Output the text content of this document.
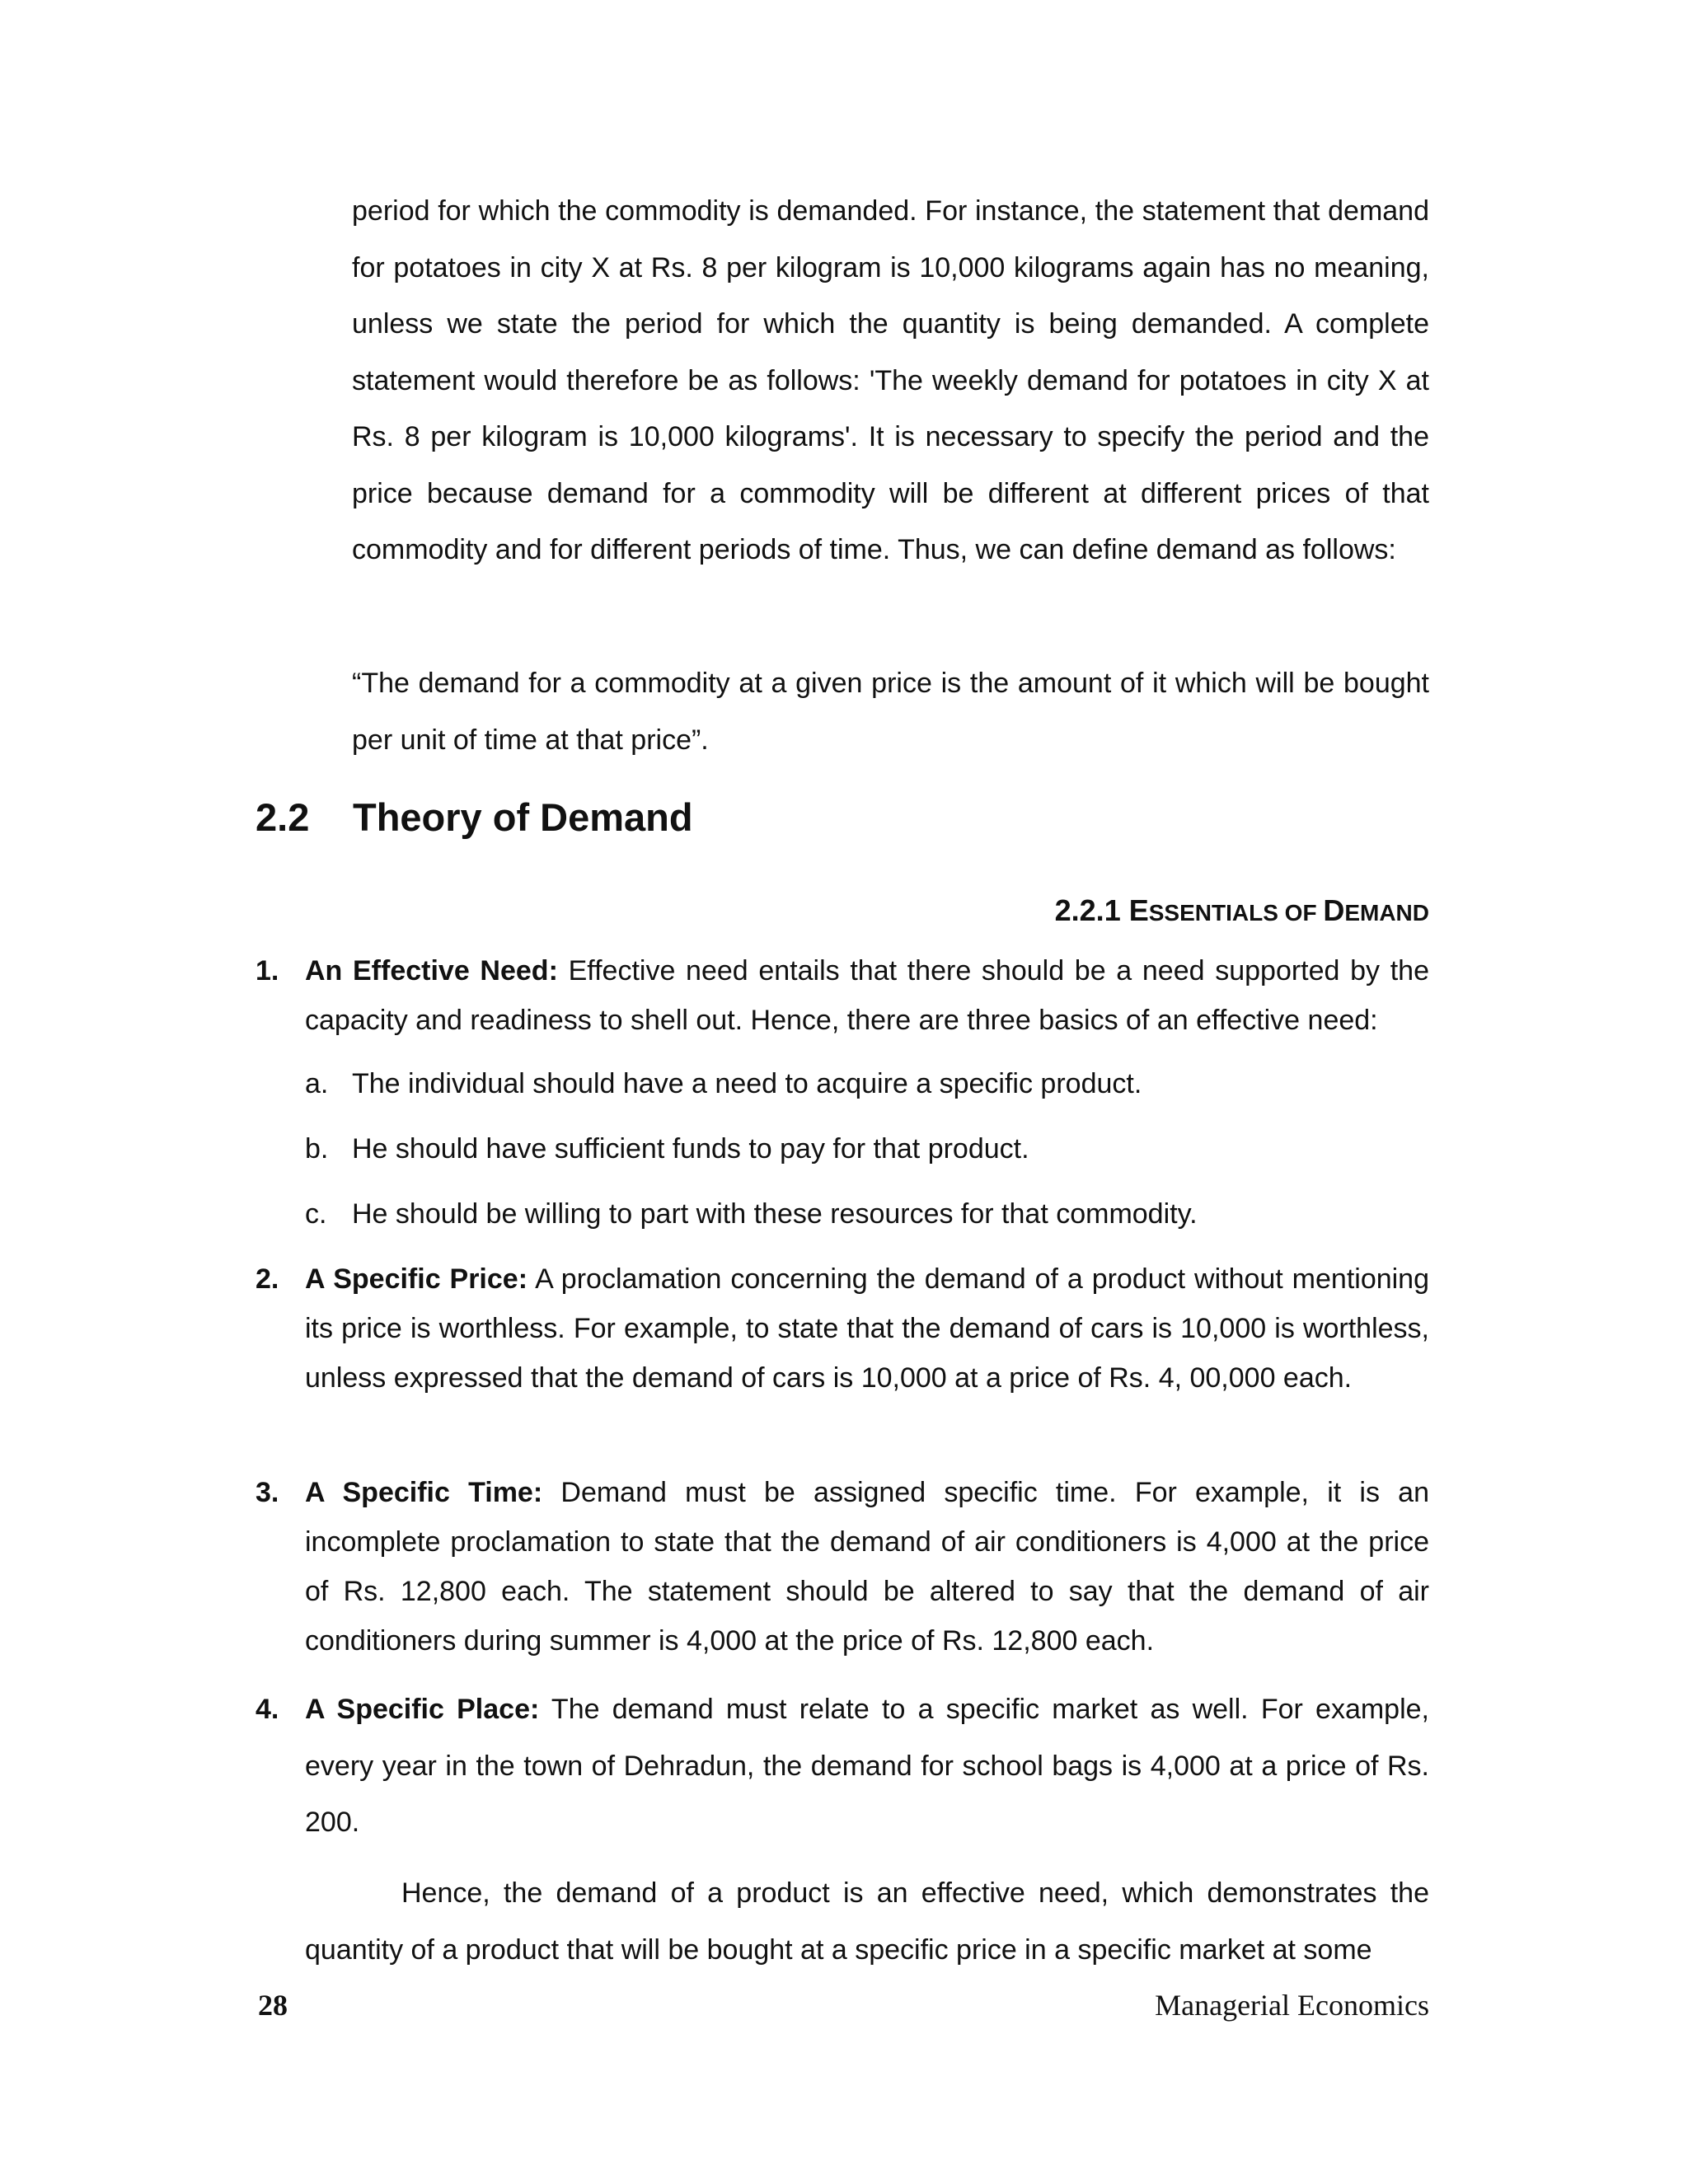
period for which the commodity is demanded. For instance, the statement that demand for potatoes in city X at Rs. 8 per kilogram is 10,000 kilograms again has no meaning, unless we state the period for which the quantity is being demanded. A complete statement would therefore be as follows: 'The weekly demand for potatoes in city X at Rs. 8 per kilogram is 10,000 kilograms'. It is necessary to specify the period and the price because demand for a commodity will be different at different prices of that commodity and for different periods of time. Thus, we can define demand as follows:

“The demand for a commodity at a given price is the amount of it which will be bought per unit of time at that price”.

2.2 Theory of Demand
2.2.1 ESSENTIALS OF DEMAND
1. An Effective Need: Effective need entails that there should be a need supported by the capacity and readiness to shell out. Hence, there are three basics of an effective need:
a. The individual should have a need to acquire a specific product.
b. He should have sufficient funds to pay for that product.
c. He should be willing to part with these resources for that commodity.
2. A Specific Price: A proclamation concerning the demand of a product without mentioning its price is worthless. For example, to state that the demand of cars is 10,000 is worthless, unless expressed that the demand of cars is 10,000 at a price of Rs. 4, 00,000 each.
3. A Specific Time: Demand must be assigned specific time. For example, it is an incomplete proclamation to state that the demand of air conditioners is 4,000 at the price of Rs. 12,800 each. The statement should be altered to say that the demand of air conditioners during summer is 4,000 at the price of Rs. 12,800 each.
4. A Specific Place: The demand must relate to a specific market as well. For example, every year in the town of Dehradun, the demand for school bags is 4,000 at a price of Rs. 200.

Hence, the demand of a product is an effective need, which demonstrates the quantity of a product that will be bought at a specific price in a specific market at some

28	Managerial Economics
